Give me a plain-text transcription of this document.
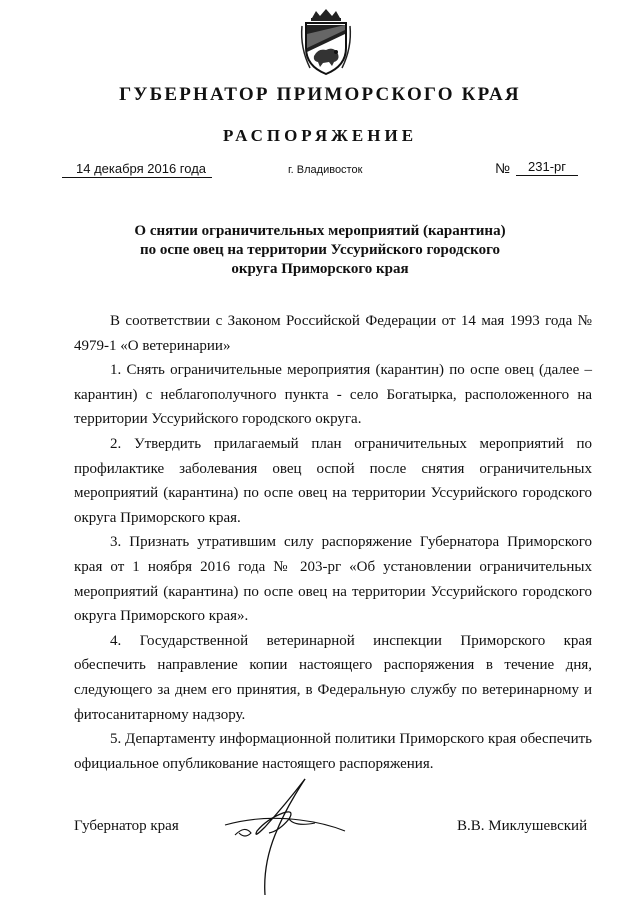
ГУБЕРНАТОР ПРИМОРСКОГО КРАЯ
РАСПОРЯЖЕНИЕ
14 декабря 2016 года	г. Владивосток	№	231-рг
О снятии ограничительных мероприятий (карантина)
по оспе овец на территории Уссурийского городского
округа Приморского края

В соответствии с Законом Российской Федерации от 14 мая 1993 года № 4979-1 «О ветеринарии»

1. Снять ограничительные мероприятия (карантин) по оспе овец (далее – карантин) с неблагополучного пункта - село Богатырка, расположенного на территории Уссурийского городского округа.

2. Утвердить прилагаемый план ограничительных мероприятий по профилактике заболевания овец оспой после снятия ограничительных мероприятий (карантина) по оспе овец на территории Уссурийского городского округа Приморского края.

3. Признать утратившим силу распоряжение Губернатора Приморского края от 1 ноября 2016 года № 203-рг «Об установлении ограничительных мероприятий (карантина) по оспе овец на территории Уссурийского городского округа Приморского края».

4. Государственной ветеринарной инспекции Приморского края обеспечить направление копии настоящего распоряжения в течение дня, следующего за днем его принятия, в Федеральную службу по ветеринарному и фитосанитарному надзору.

5. Департаменту информационной политики Приморского края обеспечить официальное опубликование настоящего распоряжения.

Губернатор края	В.В. Миклушевский
